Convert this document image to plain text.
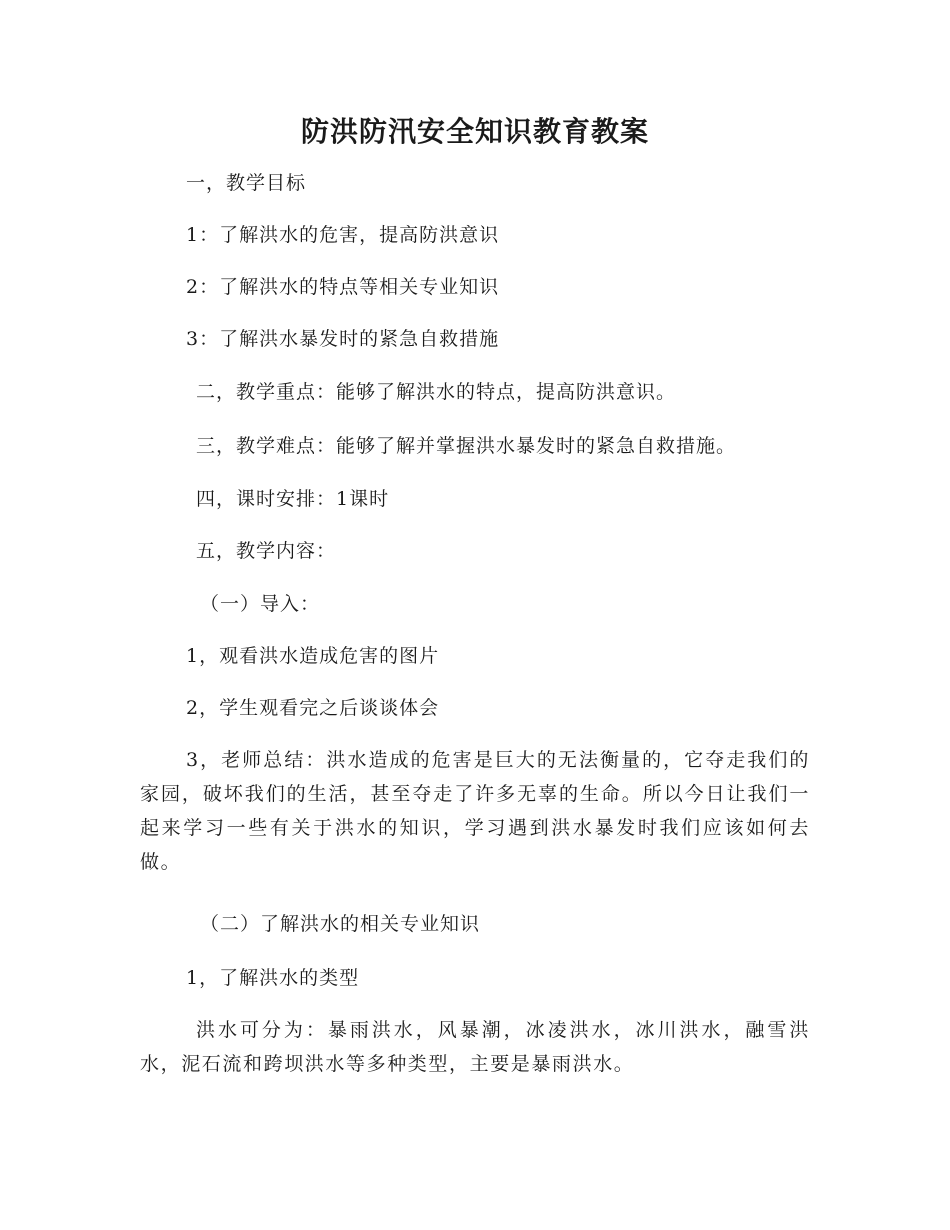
防洪防汛安全知识教育教案

一，教学目标

1：了解洪水的危害，提高防洪意识

2：了解洪水的特点等相关专业知识

3：了解洪水暴发时的紧急自救措施

二，教学重点：能够了解洪水的特点，提高防洪意识。

三，教学难点：能够了解并掌握洪水暴发时的紧急自救措施。

四，课时安排：1课时

五，教学内容：

（一）导入：

1，观看洪水造成危害的图片

2，学生观看完之后谈谈体会

3，老师总结：洪水造成的危害是巨大的无法衡量的，它夺走我们的家园，破坏我们的生活，甚至夺走了许多无辜的生命。所以今日让我们一起来学习一些有关于洪水的知识，学习遇到洪水暴发时我们应该如何去做。

（二）了解洪水的相关专业知识

1，了解洪水的类型

洪水可分为：暴雨洪水，风暴潮，冰凌洪水，冰川洪水，融雪洪水，泥石流和跨坝洪水等多种类型，主要是暴雨洪水。
